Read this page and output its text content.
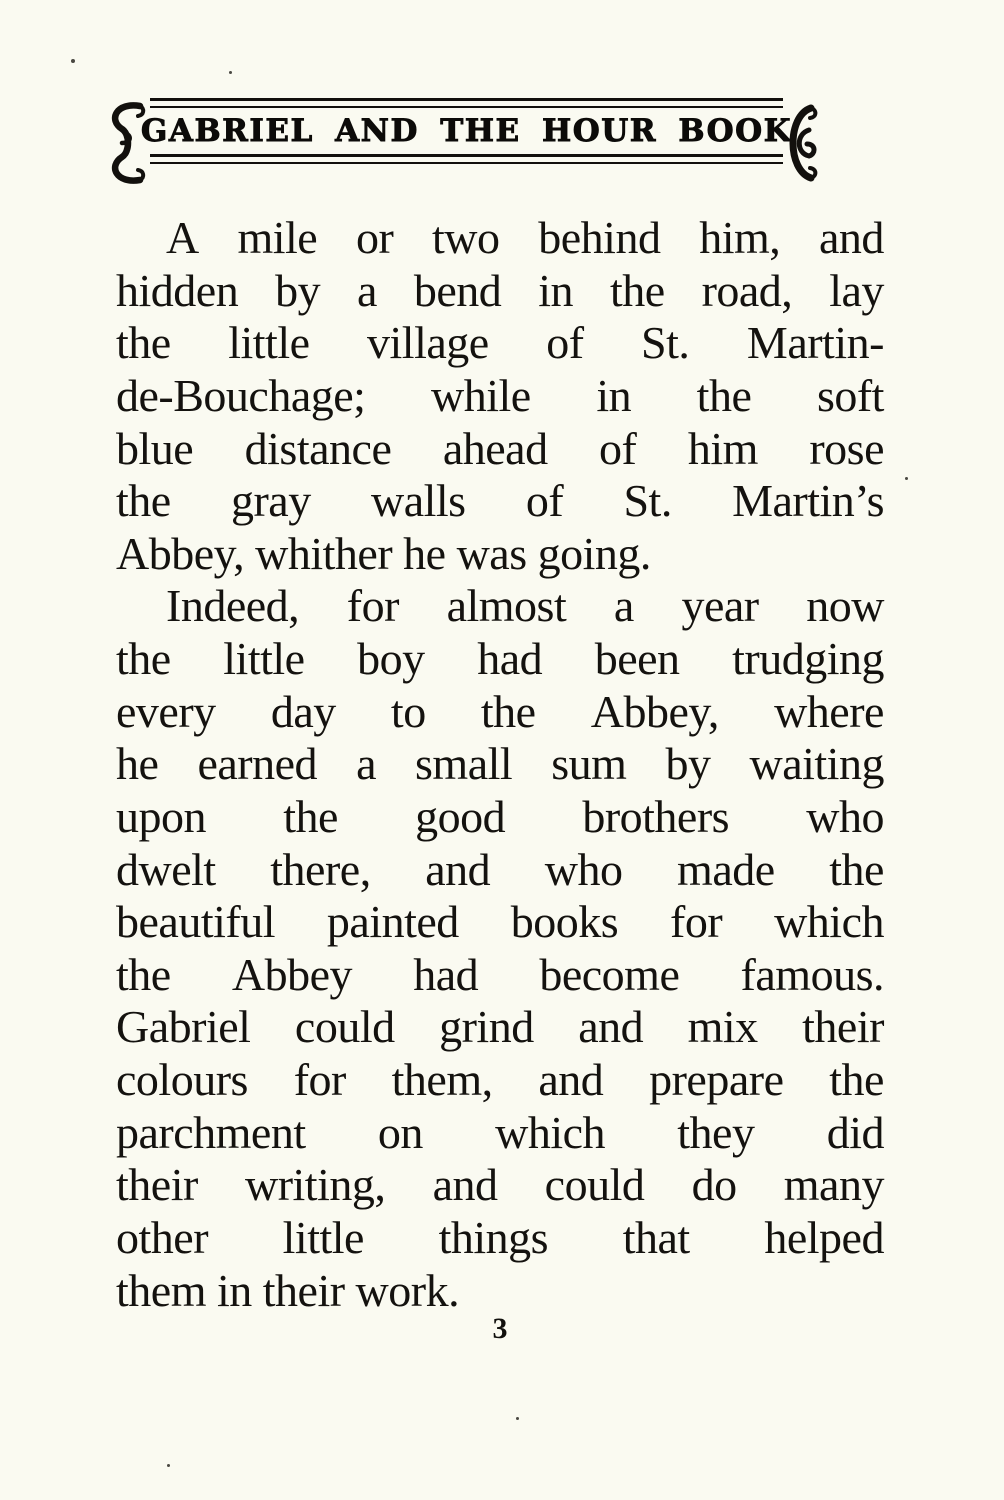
GABRIEL AND THE HOUR BOOK
A mile or two behind him, and
hidden by a bend in the road, lay
the little village of St. Martin-
de-Bouchage; while in the soft
blue distance ahead of him rose
the gray walls of St. Martin’s
Abbey, whither he was going.
Indeed, for almost a year now
the little boy had been trudging
every day to the Abbey, where
he earned a small sum by waiting
upon the good brothers who
dwelt there, and who made the
beautiful painted books for which
the Abbey had become famous.
Gabriel could grind and mix their
colours for them, and prepare the
parchment on which they did
their writing, and could do many
other little things that helped
them in their work.
3
